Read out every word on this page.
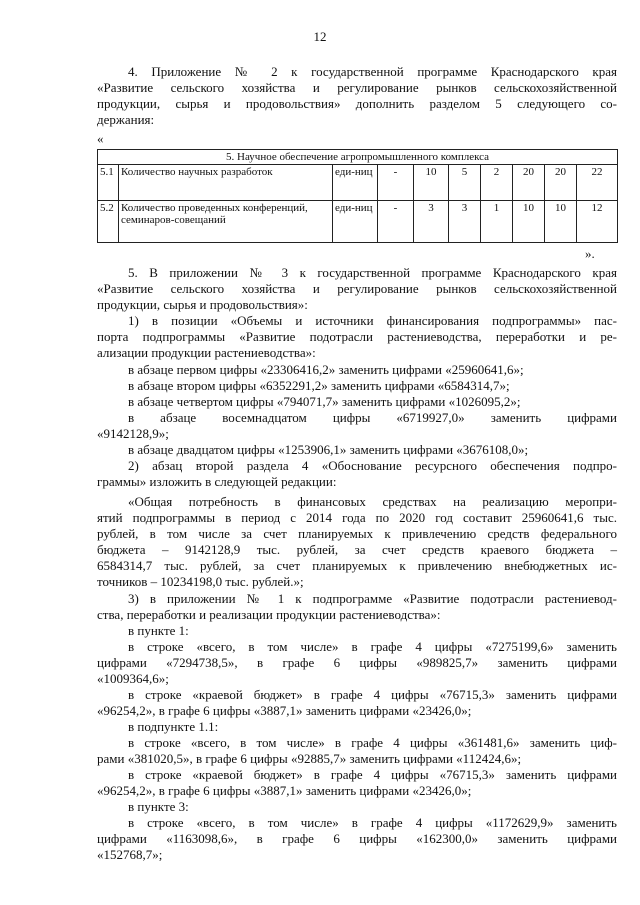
12
4. Приложение № 2 к государственной программе Краснодарского края
«Развитие сельского хозяйства и регулирование рынков сельскохозяйственной
продукции, сырья и продовольствия» дополнить разделом 5 следующего со-
держания:
«
5. Научное обеспечение агропромышленного комплекса									
5.1	Количество научных разработок	еди-ниц	-	10	5	2	20	20	22
5.2	Количество проведенных конференций, семинаров-совещаний	еди-ниц	-	3	3	1	10	10	12
».
5. В приложении № 3 к государственной программе Краснодарского края
«Развитие сельского хозяйства и регулирование рынков сельскохозяйственной
продукции, сырья и продовольствия»:
1) в позиции «Объемы и источники финансирования подпрограммы» пас-
порта подпрограммы «Развитие подотрасли растениеводства, переработки и ре-
ализации продукции растениеводства»:
в абзаце первом цифры «23306416,2» заменить цифрами «25960641,6»;
в абзаце втором цифры «6352291,2» заменить цифрами «6584314,7»;
в абзаце четвертом цифры «794071,7» заменить цифрами «1026095,2»;
в абзаце восемнадцатом цифры «6719927,0» заменить цифрами
«9142128,9»;
в абзаце двадцатом цифры «1253906,1» заменить цифрами «3676108,0»;
2) абзац второй раздела 4 «Обоснование ресурсного обеспечения подпро-
граммы» изложить в следующей редакции:
«Общая потребность в финансовых средствах на реализацию меропри-
ятий подпрограммы в период с 2014 года по 2020 год составит 25960641,6 тыс.
рублей, в том числе за счет планируемых к привлечению средств федерального
бюджета – 9142128,9 тыс. рублей, за счет средств краевого бюджета –
6584314,7 тыс. рублей, за счет планируемых к привлечению внебюджетных ис-
точников – 10234198,0 тыс. рублей.»;
3) в приложении № 1 к подпрограмме «Развитие подотрасли растениевод-
ства, переработки и реализации продукции растениеводства»:
в пункте 1:
в строке «всего, в том числе» в графе 4 цифры «7275199,6» заменить
цифрами «7294738,5», в графе 6 цифры «989825,7» заменить цифрами
«1009364,6»;
в строке «краевой бюджет» в графе 4 цифры «76715,3» заменить цифрами
«96254,2», в графе 6 цифры «3887,1» заменить цифрами «23426,0»;
в подпункте 1.1:
в строке «всего, в том числе» в графе 4 цифры «361481,6» заменить циф-
рами «381020,5», в графе 6 цифры «92885,7» заменить цифрами «112424,6»;
в строке «краевой бюджет» в графе 4 цифры «76715,3» заменить цифрами
«96254,2», в графе 6 цифры «3887,1» заменить цифрами «23426,0»;
в пункте 3:
в строке «всего, в том числе» в графе 4 цифры «1172629,9» заменить
цифрами «1163098,6», в графе 6 цифры «162300,0» заменить цифрами
«152768,7»;
